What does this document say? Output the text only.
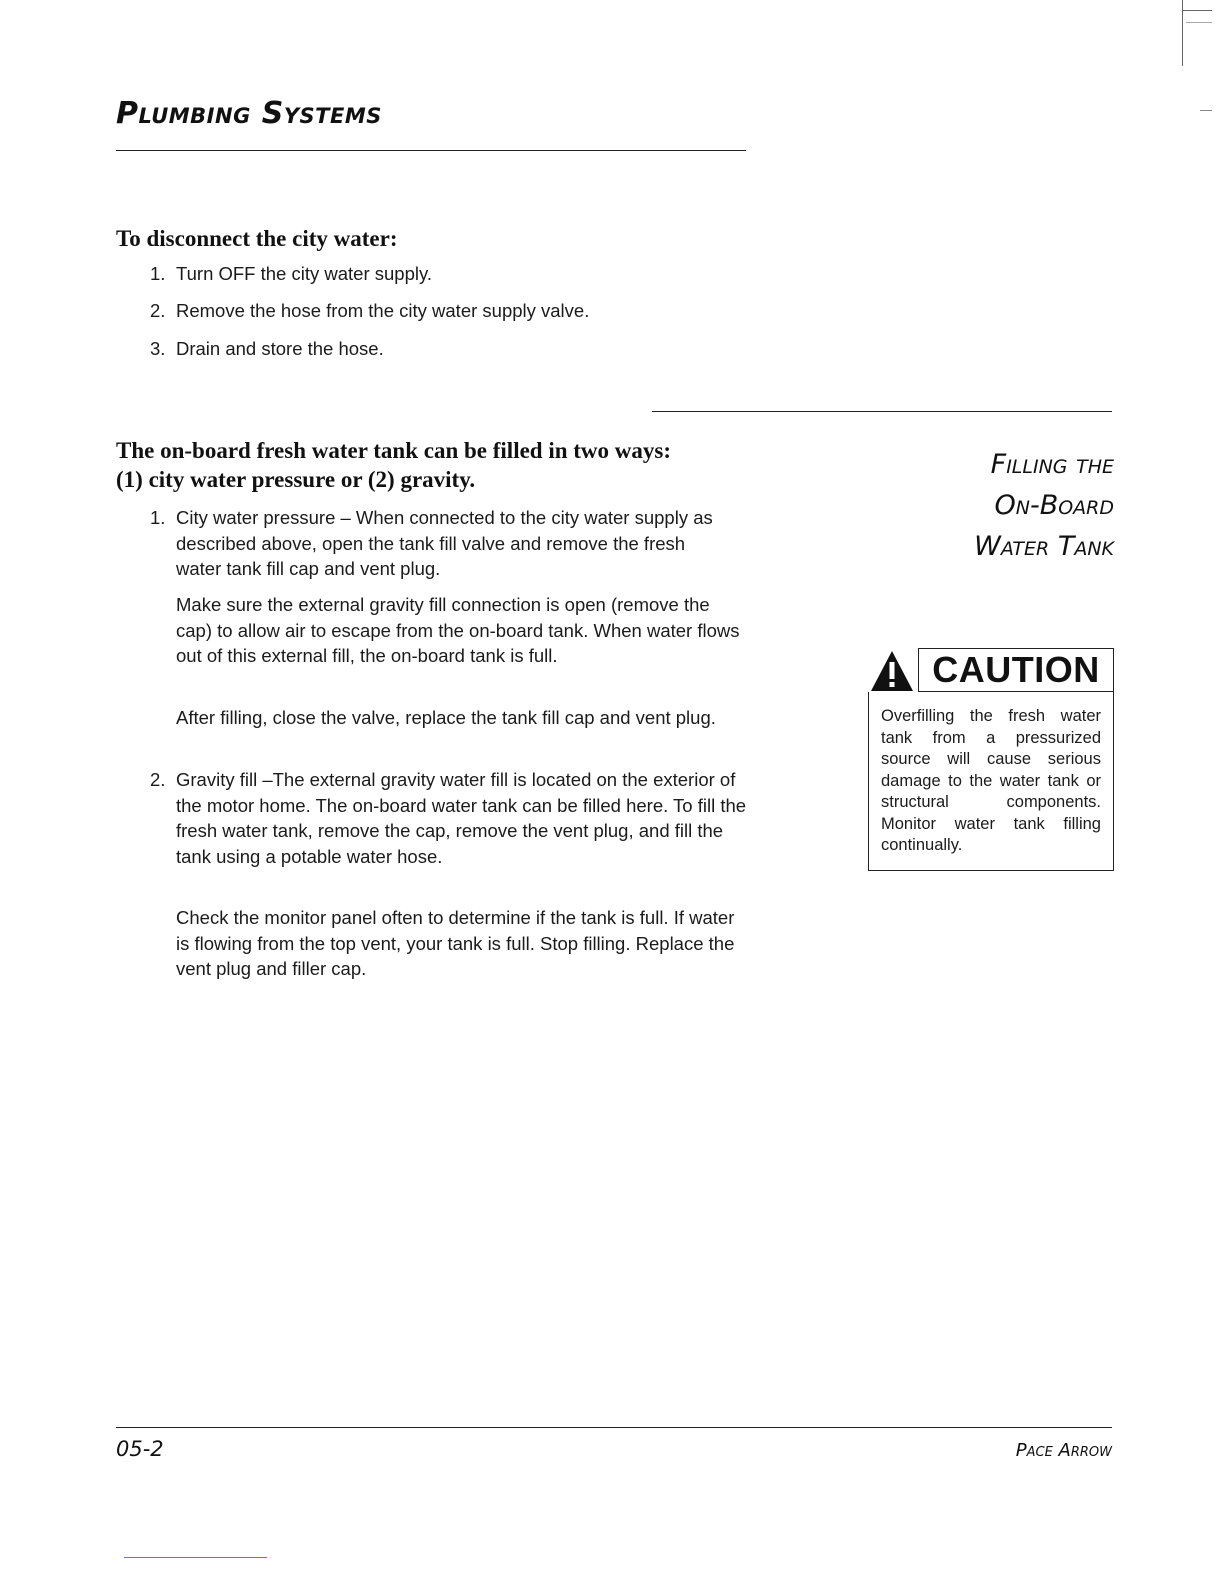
Plumbing Systems
To disconnect the city water:
1. Turn OFF the city water supply.
2. Remove the hose from the city water supply valve.
3. Drain and store the hose.
The on-board fresh water tank can be filled in two ways:
(1) city water pressure or (2) gravity.
1. City water pressure – When connected to the city water supply as described above, open the tank fill valve and remove the fresh water tank fill cap and vent plug.
Make sure the external gravity fill connection is open (remove the cap) to allow air to escape from the on-board tank. When water flows out of this external fill, the on-board tank is full.
After filling, close the valve, replace the tank fill cap and vent plug.
2. Gravity fill –The external gravity water fill is located on the exterior of the motor home. The on-board water tank can be filled here. To fill the fresh water tank, remove the cap, remove the vent plug, and fill the tank using a potable water hose.
Check the monitor panel often to determine if the tank is full. If water is flowing from the top vent, your tank is full. Stop filling. Replace the vent plug and filler cap.
Filling the
On-Board
Water Tank
CAUTION
Overfilling the fresh water tank from a pressurized source will cause serious damage to the water tank or structural components. Monitor water tank filling continually.

05-2	Pace Arrow
